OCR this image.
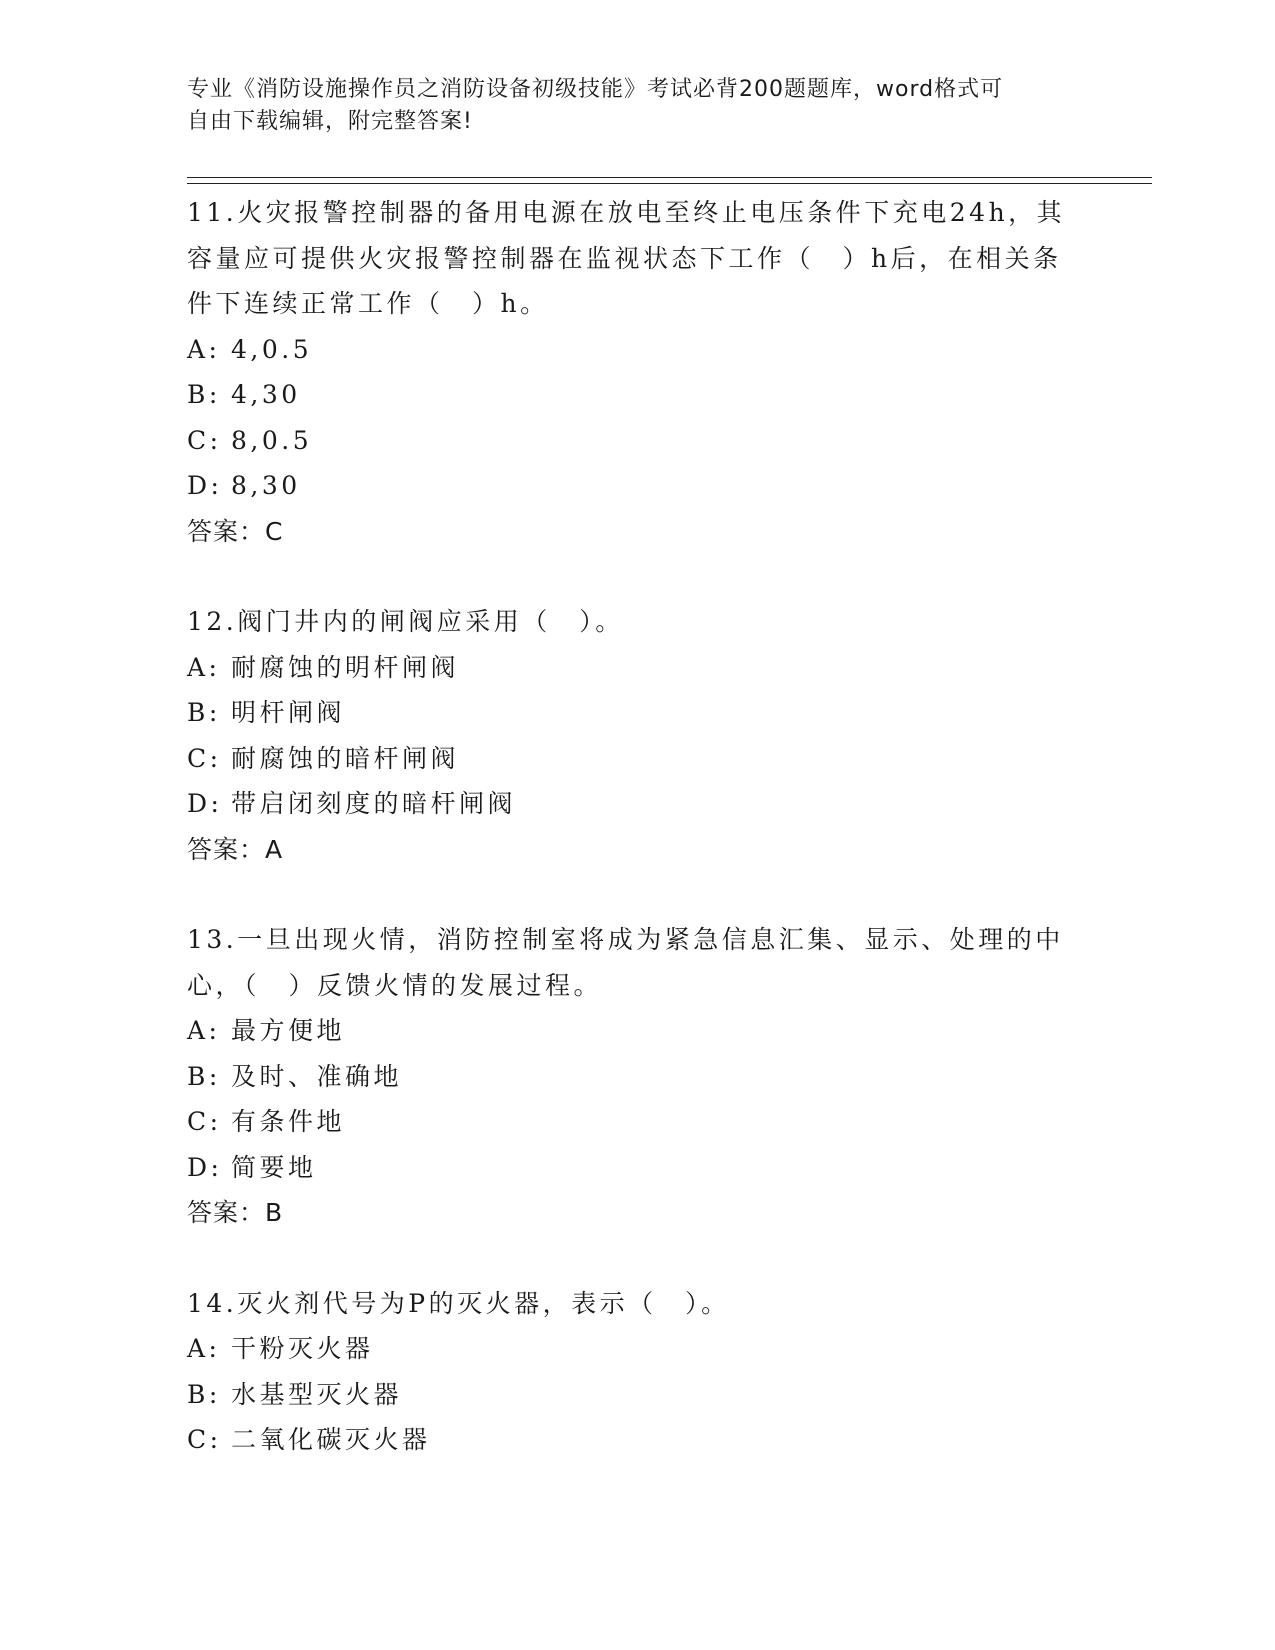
专业《消防设施操作员之消防设备初级技能》考试必背200题题库，word格式可
自由下载编辑，附完整答案!
11.火灾报警控制器的备用电源在放电至终止电压条件下充电24h，其
容量应可提供火灾报警控制器在监视状态下工作（　）h后，在相关条
件下连续正常工作（　）h。
A: 4,0.5
B: 4,30
C: 8,0.5
D: 8,30
答案：C
12.阀门井内的闸阀应采用（　）。
A: 耐腐蚀的明杆闸阀
B: 明杆闸阀
C: 耐腐蚀的暗杆闸阀
D: 带启闭刻度的暗杆闸阀
答案：A
13.一旦出现火情，消防控制室将成为紧急信息汇集、显示、处理的中
心，（　）反馈火情的发展过程。
A: 最方便地
B: 及时、准确地
C: 有条件地
D: 简要地
答案：B
14.灭火剂代号为P的灭火器，表示（　）。
A: 干粉灭火器
B: 水基型灭火器
C: 二氧化碳灭火器
